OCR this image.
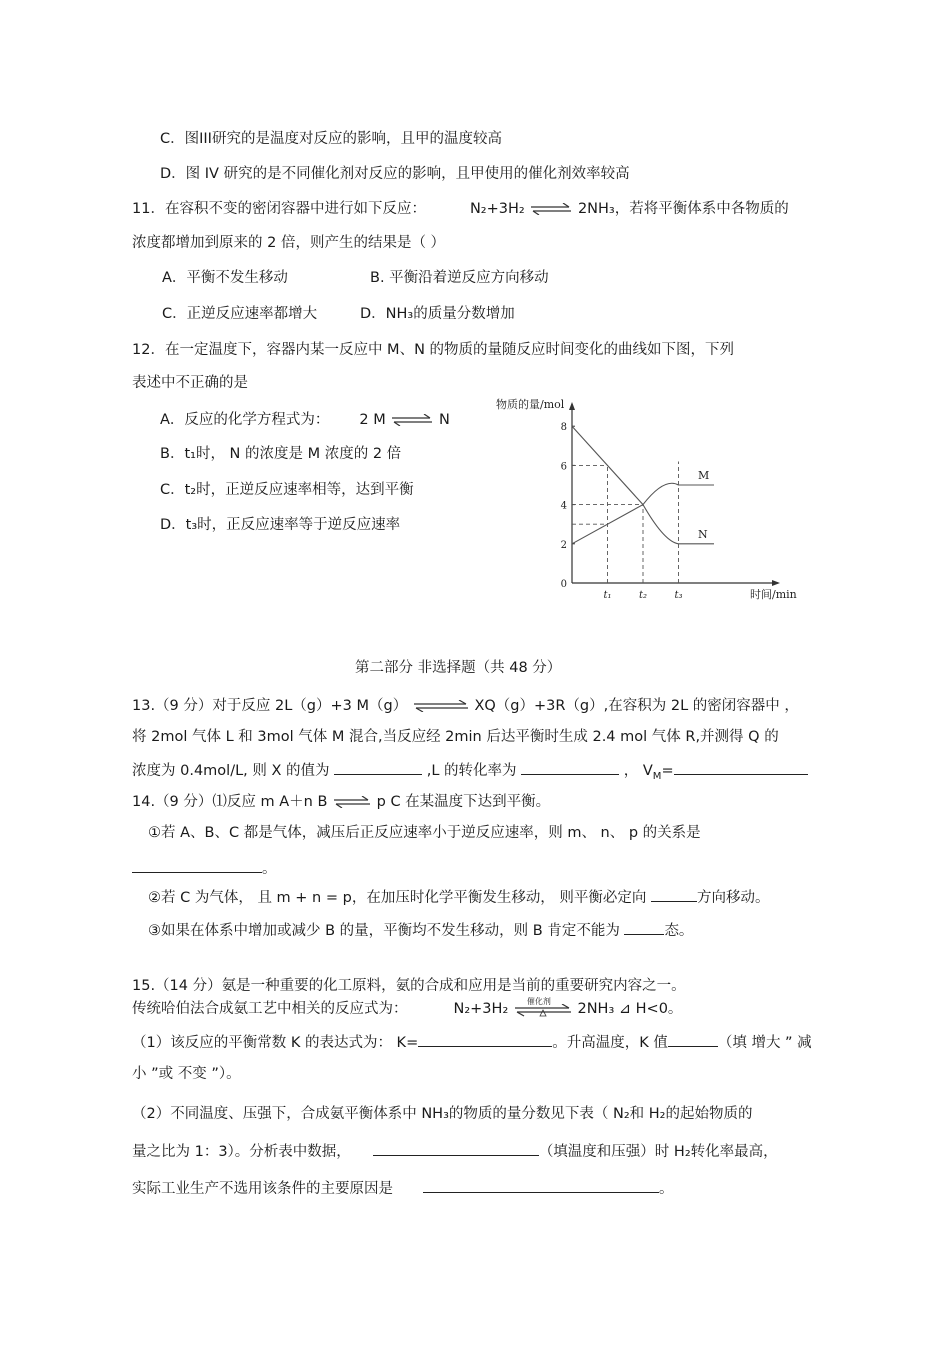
C．图III研究的是温度对反应的影响，且甲的温度较高
D．图 IV 研究的是不同催化剂对反应的影响，且甲使用的催化剂效率较高
11．在容积不变的密闭容器中进行如下反应：	N₂+3H₂ ⇌ 2NH₃，若将平衡体系中各物质的
浓度都增加到原来的 2 倍，则产生的结果是（ ）
A．平衡不发生移动	B. 平衡沿着逆反应方向移动
C．正逆反应速率都增大	D．NH₃的质量分数增加
12．在一定温度下，容器内某一反应中 M、N 的物质的量随反应时间变化的曲线如下图，下列
表述中不正确的是
A．反应的化学方程式为： 2 M ⇌ N
B．t₁时， N 的浓度是 M 浓度的 2 倍
C．t₂时，正逆反应速率相等，达到平衡
D．t₃时，正反应速率等于逆反应速率
物质的量/mol
时间/min
0
2
4
6
8
t₁	t₂	t₃
M
N
第二部分 非选择题（共 48 分）
13.（9 分）对于反应 2L（g）+3 M（g） ⇌ XQ（g）+3R（g）,在容积为 2L 的密闭容器中 ，
将 2mol 气体 L 和 3mol 气体 M 混合,当反应经 2min 后达平衡时生成 2.4 mol 气体 R,并测得 Q 的
浓度为 0.4mol/L, 则 X 的值为	,L 的转化率为	， $V_M=$
14.（9 分）⑴反应 m A＋n B ⇌ p C 在某温度下达到平衡。
①若 A、B、C 都是气体，减压后正反应速率小于逆反应速率，则 m、 n、 p 的关系是
。
②若 C 为气体， 且 m + n = p，在加压时化学平衡发生移动， 则平衡必定向	方向移动。
③如果在体系中增加或减少 B 的量，平衡均不发生移动，则 B 肯定不能为	态。
15.（14 分）氨是一种重要的化工原料，氨的合成和应用是当前的重要研究内容之一。
传统哈伯法合成氨工艺中相关的反应式为：	N₂+3H₂ 催化剂 2NH₃ ⊿ H<0。
（1）该反应的平衡常数 K 的表达式为： K=	。升高温度，K 值	（填 增大 ” 减
小 ”或 不变 ”）。
（2）不同温度、压强下，合成氨平衡体系中 NH₃的物质的量分数见下表（ N₂和 H₂的起始物质的
量之比为 1：3）。分析表中数据，	（填温度和压强）时 H₂转化率最高，
实际工业生产不选用该条件的主要原因是	。
